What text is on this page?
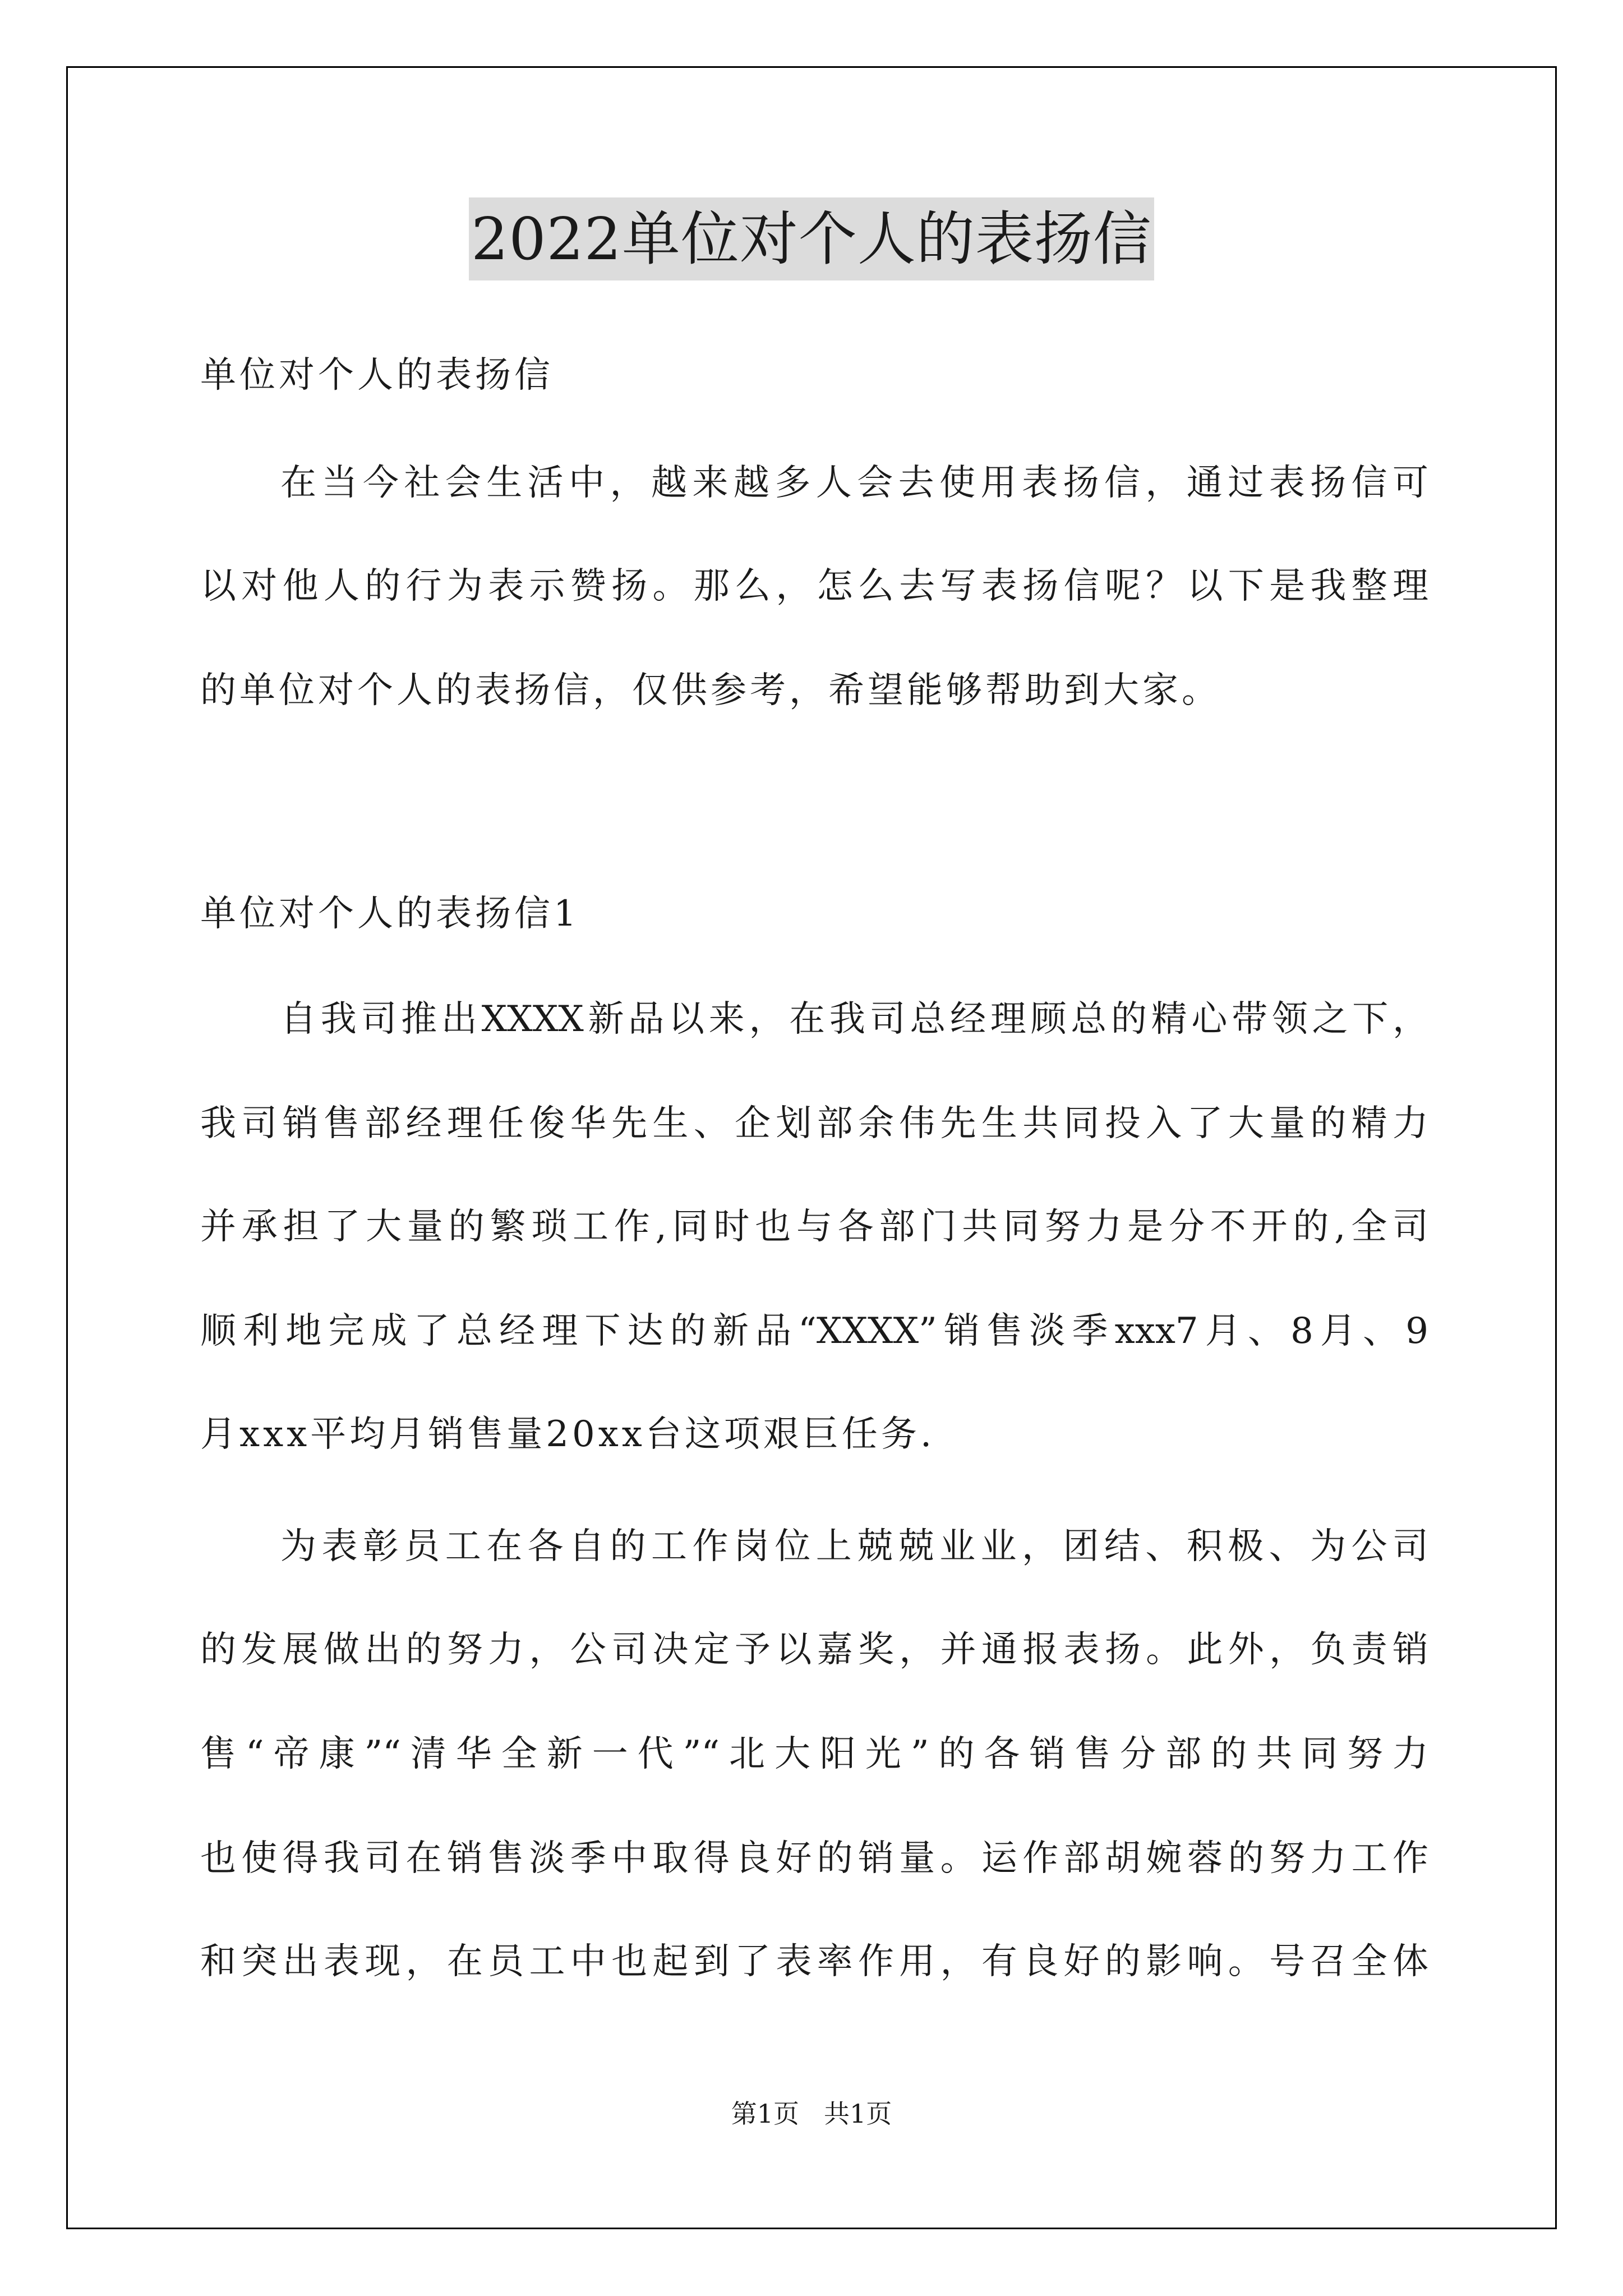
2022单位对个人的表扬信
单位对个人的表扬信
在当今社会生活中，越来越多人会去使用表扬信，通过表扬信可
以对他人的行为表示赞扬。那么，怎么去写表扬信呢？以下是我整理
的单位对个人的表扬信，仅供参考，希望能够帮助到大家。
单位对个人的表扬信1
自我司推出XXXX新品以来，在我司总经理顾总的精心带领之下，
我司销售部经理任俊华先生、企划部余伟先生共同投入了大量的精力
并承担了大量的繁琐工作,同时也与各部门共同努力是分不开的,全司
顺利地完成了总经理下达的新品“XXXX”销售淡季xxx7月、8月、9
月xxx平均月销售量20xx台这项艰巨任务.
为表彰员工在各自的工作岗位上兢兢业业，团结、积极、为公司
的发展做出的努力，公司决定予以嘉奖，并通报表扬。此外，负责销
售“帝康”“清华全新一代”“北大阳光”的各销售分部的共同努力
也使得我司在销售淡季中取得良好的销量。运作部胡婉蓉的努力工作
和突出表现，在员工中也起到了表率作用，有良好的影响。号召全体
第1页 共1页
